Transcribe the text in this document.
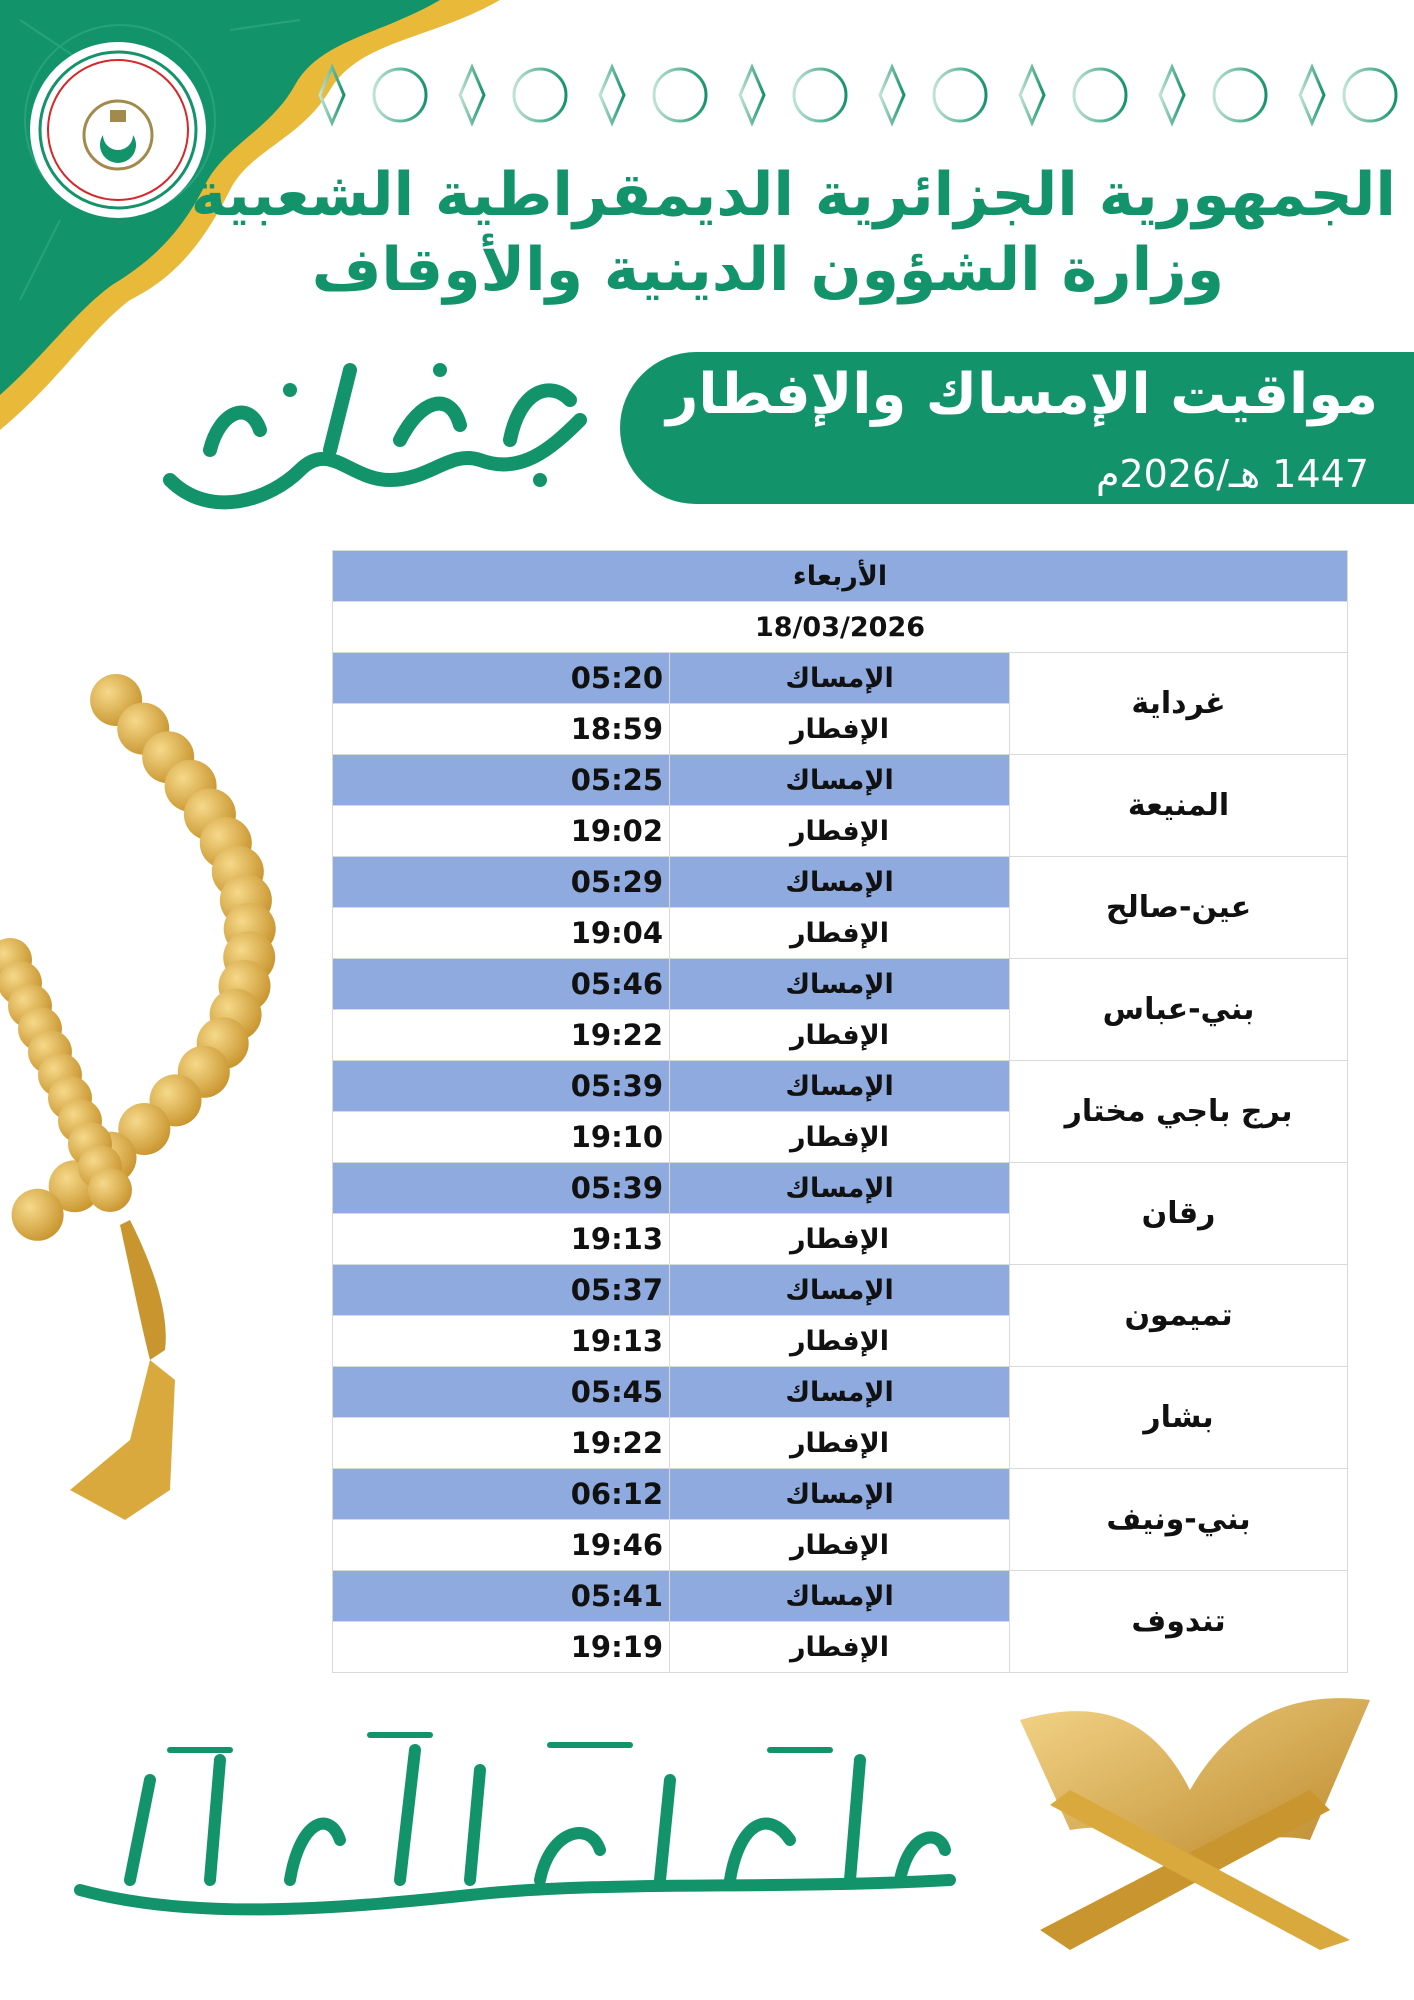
الجمهورية الجزائرية الديمقراطية الشعبية
وزارة الشؤون الدينية والأوقاف
مواقيت الإمساك والإفطار
1447 هـ/2026م
الأربعاء		
18/03/2026		
غرداية	الإمساك	05:20
	الإفطار	18:59
المنيعة	الإمساك	05:25
	الإفطار	19:02
عين-صالح	الإمساك	05:29
	الإفطار	19:04
بني-عباس	الإمساك	05:46
	الإفطار	19:22
برج باجي مختار	الإمساك	05:39
	الإفطار	19:10
رقان	الإمساك	05:39
	الإفطار	19:13
تميمون	الإمساك	05:37
	الإفطار	19:13
بشار	الإمساك	05:45
	الإفطار	19:22
بني-ونيف	الإمساك	06:12
	الإفطار	19:46
تندوف	الإمساك	05:41
	الإفطار	19:19
